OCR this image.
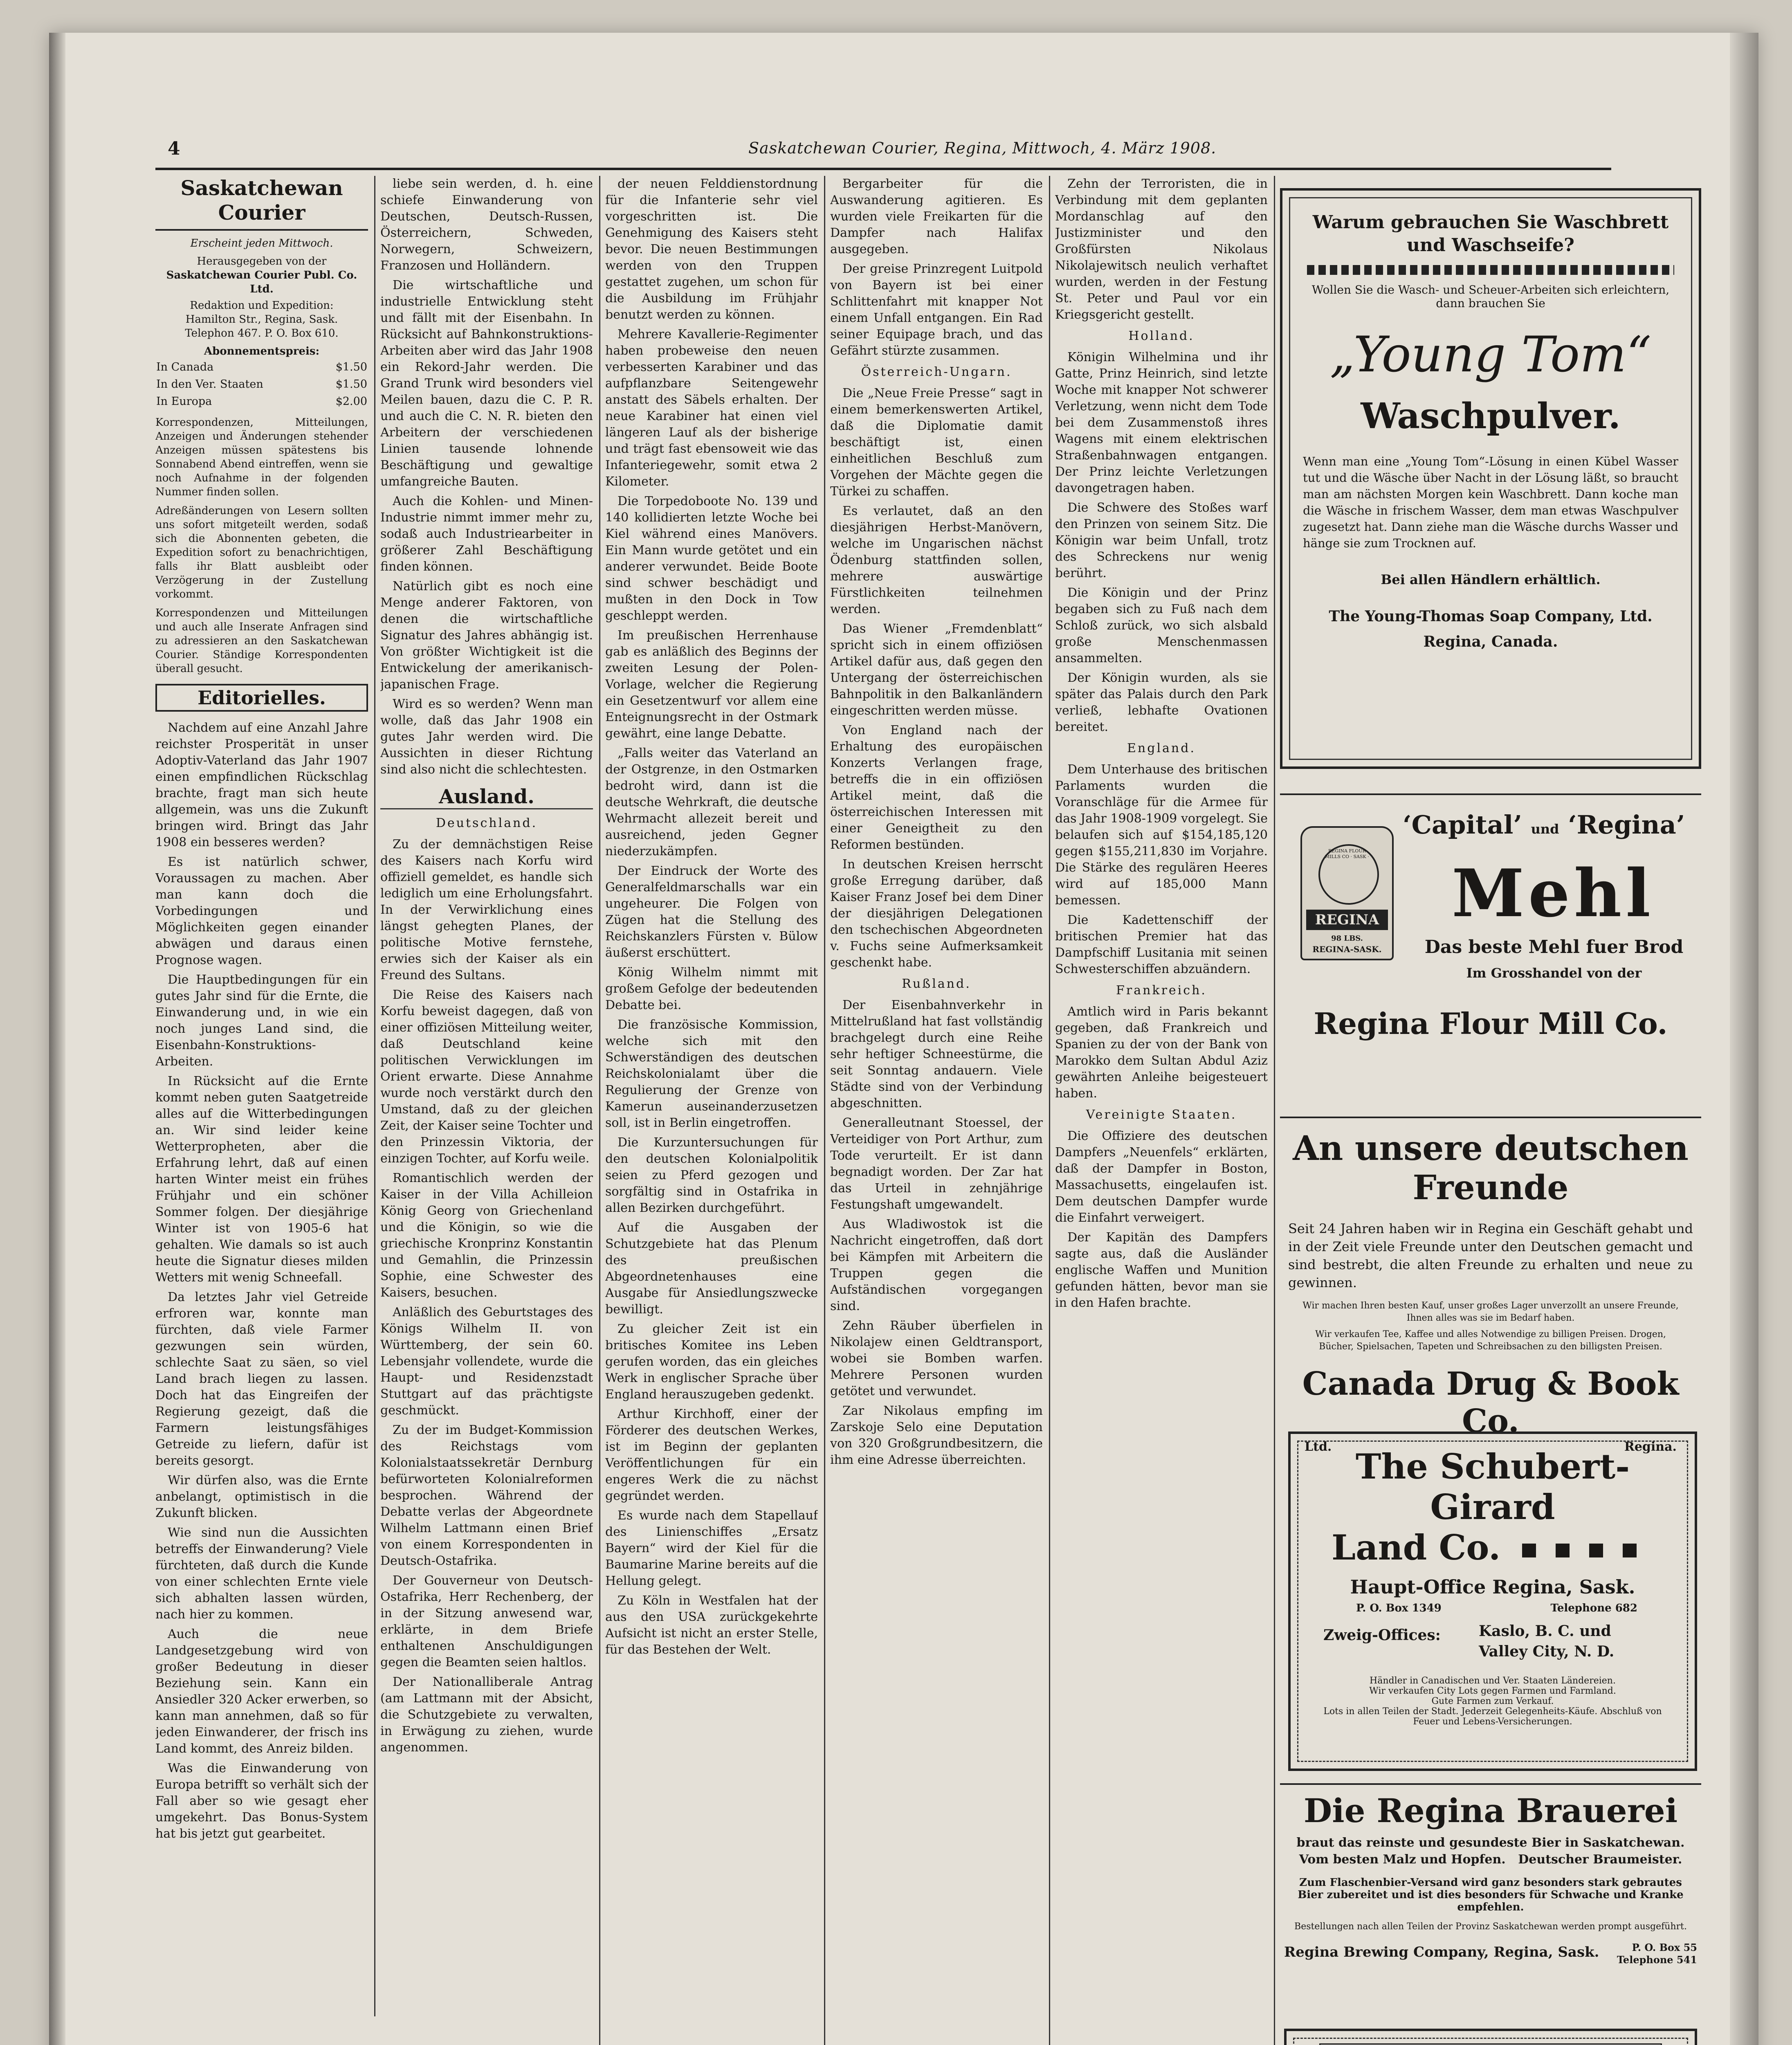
4	Saskatchewan Courier, Regina, Mittwoch, 4. März 1908.
Saskatchewan Courier
Erscheint jeden Mittwoch.
Herausgegeben von der
Saskatchewan Courier Publ. Co. Ltd.
Redaktion und Expedition:
Hamilton Str., Regina, Sask.
Telephon 467. P. O. Box 610.
Abonnementspreis:
In Canada	$1.50
In den Ver. Staaten	$1.50
In Europa	$2.00
Korrespondenzen, Mitteilungen, Anzeigen und Änderungen stehender Anzeigen müssen spätestens bis Sonnabend Abend eintreffen, wenn sie noch Aufnahme in der folgenden Nummer finden sollen.
Adreßänderungen von Lesern sollten uns sofort mitgeteilt werden, sodaß sich die Abonnenten gebeten, die Expedition sofort zu benachrichtigen, falls ihr Blatt ausbleibt oder Verzögerung in der Zustellung vorkommt.
Korrespondenzen und Mitteilungen und auch alle Inserate Anfragen sind zu adressieren an den Saskatchewan Courier. Ständige Korrespondenten überall gesucht.
Editorielles.

Nachdem auf eine Anzahl Jahre reichster Prosperität in unser Adoptiv-Vaterland das Jahr 1907 einen empfindlichen Rückschlag brachte, fragt man sich heute allgemein, was uns die Zukunft bringen wird. Bringt das Jahr 1908 ein besseres werden?

Es ist natürlich schwer, Voraussagen zu machen. Aber man kann doch die Vorbedingungen und Möglichkeiten gegen einander abwägen und daraus einen Prognose wagen.

Die Hauptbedingungen für ein gutes Jahr sind für die Ernte, die Einwanderung und, in wie ein noch junges Land sind, die Eisenbahn-Konstruktions-Arbeiten.

In Rücksicht auf die Ernte kommt neben guten Saatgetreide alles auf die Witterbedingungen an. Wir sind leider keine Wetterpropheten, aber die Erfahrung lehrt, daß auf einen harten Winter meist ein frühes Frühjahr und ein schöner Sommer folgen. Der diesjährige Winter ist von 1905-6 hat gehalten. Wie damals so ist auch heute die Signatur dieses milden Wetters mit wenig Schneefall.

Da letztes Jahr viel Getreide erfroren war, konnte man fürchten, daß viele Farmer gezwungen sein würden, schlechte Saat zu säen, so viel Land brach liegen zu lassen. Doch hat das Eingreifen der Regierung gezeigt, daß die Farmern leistungsfähiges Getreide zu liefern, dafür ist bereits gesorgt.

Wir dürfen also, was die Ernte anbelangt, optimistisch in die Zukunft blicken.

Wie sind nun die Aussichten betreffs der Einwanderung? Viele fürchteten, daß durch die Kunde von einer schlechten Ernte viele sich abhalten lassen würden, nach hier zu kommen.

Auch die neue Landgesetzgebung wird von großer Bedeutung in dieser Beziehung sein. Kann ein Ansiedler 320 Acker erwerben, so kann man annehmen, daß so für jeden Einwanderer, der frisch ins Land kommt, des Anreiz bilden.

Was die Einwanderung von Europa betrifft so verhält sich der Fall aber so wie gesagt eher umgekehrt. Das Bonus-System hat bis jetzt gut gearbeitet.

liebe sein werden, d. h. eine schiefe Einwanderung von Deutschen, Deutsch-Russen, Österreichern, Schweden, Norwegern, Schweizern, Franzosen und Holländern.

Die wirtschaftliche und industrielle Entwicklung steht und fällt mit der Eisenbahn. In Rücksicht auf Bahnkonstruktions-Arbeiten aber wird das Jahr 1908 ein Rekord-Jahr werden. Die Grand Trunk wird besonders viel Meilen bauen, dazu die C. P. R. und auch die C. N. R. bieten den Arbeitern der verschiedenen Linien tausende lohnende Beschäftigung und gewaltige umfangreiche Bauten.

Auch die Kohlen- und Minen-Industrie nimmt immer mehr zu, sodaß auch Industriearbeiter in größerer Zahl Beschäftigung finden können.

Natürlich gibt es noch eine Menge anderer Faktoren, von denen die wirtschaftliche Signatur des Jahres abhängig ist. Von größter Wichtigkeit ist die Entwickelung der amerikanisch-japanischen Frage.

Wird es so werden? Wenn man wolle, daß das Jahr 1908 ein gutes Jahr werden wird. Die Aussichten in dieser Richtung sind also nicht die schlechtesten.

Ausland.
Deutschland.

Zu der demnächstigen Reise des Kaisers nach Korfu wird offiziell gemeldet, es handle sich lediglich um eine Erholungsfahrt. In der Verwirklichung eines längst gehegten Planes, der politische Motive fernstehe, erwies sich der Kaiser als ein Freund des Sultans.

Die Reise des Kaisers nach Korfu beweist dagegen, daß von einer offiziösen Mitteilung weiter, daß Deutschland keine politischen Verwicklungen im Orient erwarte. Diese Annahme wurde noch verstärkt durch den Umstand, daß zu der gleichen Zeit, der Kaiser seine Tochter und den Prinzessin Viktoria, der einzigen Tochter, auf Korfu weile.

Romantischlich werden der Kaiser in der Villa Achilleion König Georg von Griechenland und die Königin, so wie die griechische Kronprinz Konstantin und Gemahlin, die Prinzessin Sophie, eine Schwester des Kaisers, besuchen.

Anläßlich des Geburtstages des Königs Wilhelm II. von Württemberg, der sein 60. Lebensjahr vollendete, wurde die Haupt- und Residenzstadt Stuttgart auf das prächtigste geschmückt.

Zu der im Budget-Kommission des Reichstags vom Kolonialstaatssekretär Dernburg befürworteten Kolonialreformen besprochen. Während der Debatte verlas der Abgeordnete Wilhelm Lattmann einen Brief von einem Korrespondenten in Deutsch-Ostafrika.

Der Gouverneur von Deutsch-Ostafrika, Herr Rechenberg, der in der Sitzung anwesend war, erklärte, in dem Briefe enthaltenen Anschuldigungen gegen die Beamten seien haltlos.

Der Nationalliberale Antrag (am Lattmann mit der Absicht, die Schutzgebiete zu verwalten, in Erwägung zu ziehen, wurde angenommen.

der neuen Felddienstordnung für die Infanterie sehr viel vorgeschritten ist. Die Genehmigung des Kaisers steht bevor. Die neuen Bestimmungen werden von den Truppen gestattet zugehen, um schon für die Ausbildung im Frühjahr benutzt werden zu können.

Mehrere Kavallerie-Regimenter haben probeweise den neuen verbesserten Karabiner und das aufpflanzbare Seitengewehr anstatt des Säbels erhalten. Der neue Karabiner hat einen viel längeren Lauf als der bisherige und trägt fast ebensoweit wie das Infanteriegewehr, somit etwa 2 Kilometer.

Die Torpedoboote No. 139 und 140 kollidierten letzte Woche bei Kiel während eines Manövers. Ein Mann wurde getötet und ein anderer verwundet. Beide Boote sind schwer beschädigt und mußten in den Dock in Tow geschleppt werden.

Im preußischen Herrenhause gab es anläßlich des Beginns der zweiten Lesung der Polen-Vorlage, welcher die Regierung ein Gesetzentwurf vor allem eine Enteignungsrecht in der Ostmark gewährt, eine lange Debatte.

„Falls weiter das Vaterland an der Ostgrenze, in den Ostmarken bedroht wird, dann ist die deutsche Wehrkraft, die deutsche Wehrmacht allezeit bereit und ausreichend, jeden Gegner niederzukämpfen.

Der Eindruck der Worte des Generalfeldmarschalls war ein ungeheurer. Die Folgen von Zügen hat die Stellung des Reichskanzlers Fürsten v. Bülow äußerst erschüttert.

König Wilhelm nimmt mit großem Gefolge der bedeutenden Debatte bei.

Die französische Kommission, welche sich mit den Schwerständigen des deutschen Reichskolonialamt über die Regulierung der Grenze von Kamerun auseinanderzusetzen soll, ist in Berlin eingetroffen.

Die Kurzuntersuchungen für den deutschen Kolonialpolitik seien zu Pferd gezogen und sorgfältig sind in Ostafrika in allen Bezirken durchgeführt.

Auf die Ausgaben der Schutzgebiete hat das Plenum des preußischen Abgeordnetenhauses eine Ausgabe für Ansiedlungszwecke bewilligt.

Zu gleicher Zeit ist ein britisches Komitee ins Leben gerufen worden, das ein gleiches Werk in englischer Sprache über England herauszugeben gedenkt.

Arthur Kirchhoff, einer der Förderer des deutschen Werkes, ist im Beginn der geplanten Veröffentlichungen für ein engeres Werk die zu nächst gegründet werden.

Es wurde nach dem Stapellauf des Linienschiffes „Ersatz Bayern“ wird der Kiel für die Baumarine Marine bereits auf die Hellung gelegt.

Zu Köln in Westfalen hat der aus den USA zurückgekehrte Aufsicht ist nicht an erster Stelle, für das Bestehen der Welt.

Bergarbeiter für die Auswanderung agitieren. Es wurden viele Freikarten für die Dampfer nach Halifax ausgegeben.

Der greise Prinzregent Luitpold von Bayern ist bei einer Schlittenfahrt mit knapper Not einem Unfall entgangen. Ein Rad seiner Equipage brach, und das Gefährt stürzte zusammen.

Österreich-Ungarn.

Die „Neue Freie Presse“ sagt in einem bemerkenswerten Artikel, daß die Diplomatie damit beschäftigt ist, einen einheitlichen Beschluß zum Vorgehen der Mächte gegen die Türkei zu schaffen.

Es verlautet, daß an den diesjährigen Herbst-Manövern, welche im Ungarischen nächst Ödenburg stattfinden sollen, mehrere auswärtige Fürstlichkeiten teilnehmen werden.

Das Wiener „Fremdenblatt“ spricht sich in einem offiziösen Artikel dafür aus, daß gegen den Untergang der österreichischen Bahnpolitik in den Balkanländern eingeschritten werden müsse.

Von England nach der Erhaltung des europäischen Konzerts Verlangen frage, betreffs die in ein offiziösen Artikel meint, daß die österreichischen Interessen mit einer Geneigtheit zu den Reformen bestünden.

In deutschen Kreisen herrscht große Erregung darüber, daß Kaiser Franz Josef bei dem Diner der diesjährigen Delegationen den tschechischen Abgeordneten v. Fuchs seine Aufmerksamkeit geschenkt habe.

Rußland.

Der Eisenbahnverkehr in Mittelrußland hat fast vollständig brachgelegt durch eine Reihe sehr heftiger Schneestürme, die seit Sonntag andauern. Viele Städte sind von der Verbindung abgeschnitten.

Generalleutnant Stoessel, der Verteidiger von Port Arthur, zum Tode verurteilt. Er ist dann begnadigt worden. Der Zar hat das Urteil in zehnjährige Festungshaft umgewandelt.

Aus Wladiwostok ist die Nachricht eingetroffen, daß dort bei Kämpfen mit Arbeitern die Truppen gegen die Aufständischen vorgegangen sind.

Zehn Räuber überfielen in Nikolajew einen Geldtransport, wobei sie Bomben warfen. Mehrere Personen wurden getötet und verwundet.

Zar Nikolaus empfing im Zarskoje Selo eine Deputation von 320 Großgrundbesitzern, die ihm eine Adresse überreichten.

Zehn der Terroristen, die in Verbindung mit dem geplanten Mordanschlag auf den Justizminister und den Großfürsten Nikolaus Nikolajewitsch neulich verhaftet wurden, werden in der Festung St. Peter und Paul vor ein Kriegsgericht gestellt.

Holland.

Königin Wilhelmina und ihr Gatte, Prinz Heinrich, sind letzte Woche mit knapper Not schwerer Verletzung, wenn nicht dem Tode bei dem Zusammenstoß ihres Wagens mit einem elektrischen Straßenbahnwagen entgangen. Der Prinz leichte Verletzungen davongetragen haben.

Die Schwere des Stoßes warf den Prinzen von seinem Sitz. Die Königin war beim Unfall, trotz des Schreckens nur wenig berührt.

Die Königin und der Prinz begaben sich zu Fuß nach dem Schloß zurück, wo sich alsbald große Menschenmassen ansammelten.

Der Königin wurden, als sie später das Palais durch den Park verließ, lebhafte Ovationen bereitet.

England.

Dem Unterhause des britischen Parlaments wurden die Voranschläge für die Armee für das Jahr 1908-1909 vorgelegt. Sie belaufen sich auf $154,185,120 gegen $155,211,830 im Vorjahre. Die Stärke des regulären Heeres wird auf 185,000 Mann bemessen.

Die Kadettenschiff der britischen Premier hat das Dampfschiff Lusitania mit seinen Schwesterschiffen abzuändern.

Frankreich.

Amtlich wird in Paris bekannt gegeben, daß Frankreich und Spanien zu der von der Bank von Marokko dem Sultan Abdul Aziz gewährten Anleihe beigesteuert haben.

Vereinigte Staaten.

Die Offiziere des deutschen Dampfers „Neuenfels“ erklärten, daß der Dampfer in Boston, Massachusetts, eingelaufen ist. Dem deutschen Dampfer wurde die Einfahrt verweigert.

Der Kapitän des Dampfers sagte aus, daß die Ausländer englische Waffen und Munition gefunden hätten, bevor man sie in den Hafen brachte.

Warum gebrauchen Sie Waschbrett und Waschseife?
Wollen Sie die Wasch- und Scheuer-Arbeiten sich erleichtern, dann brauchen Sie
„Young Tom“
Waschpulver.
Wenn man eine „Young Tom“-Lösung in einen Kübel Wasser tut und die Wäsche über Nacht in der Lösung läßt, so braucht man am nächsten Morgen kein Waschbrett. Dann koche man die Wäsche in frischem Wasser, dem man etwas Waschpulver zugesetzt hat. Dann ziehe man die Wäsche durchs Wasser und hänge sie zum Trocknen auf.
Bei allen Händlern erhältlich.
The Young-Thomas Soap Company, Ltd.
Regina, Canada.
‘Capital’ und ‘Regina’
REGINA FLOUR MILLS CO · SASK ·
REGINA
98 LBS.
REGINA-SASK.
Mehl
Das beste Mehl fuer Brod
Im Grosshandel von der
Regina Flour Mill Co.
An unsere deutschen Freunde
Seit 24 Jahren haben wir in Regina ein Geschäft gehabt und in der Zeit viele Freunde unter den Deutschen gemacht und sind bestrebt, die alten Freunde zu erhalten und neue zu gewinnen.
Wir machen Ihren besten Kauf, unser großes Lager unverzollt an unsere Freunde, Ihnen alles was sie im Bedarf haben.
Wir verkaufen Tee, Kaffee und alles Notwendige zu billigen Preisen. Drogen, Bücher, Spielsachen, Tapeten und Schreibsachen zu den billigsten Preisen.
Canada Drug & Book Co.
Ltd.	Regina.
The Schubert-Girard
Land Co.
Haupt-Office Regina, Sask.
P. O. Box 1349	Telephone 682
Zweig-Offices:	Kaslo, B. C. und
Valley City, N. D.
Händler in Canadischen und Ver. Staaten Ländereien.
Wir verkaufen City Lots gegen Farmen und Farmland.
Gute Farmen zum Verkauf.
Lots in allen Teilen der Stadt. Jederzeit Gelegenheits-Käufe. Abschluß von Feuer und Lebens-Versicherungen.
Die Regina Brauerei
braut das reinste und gesundeste Bier in Saskatchewan.
Vom besten Malz und Hopfen. Deutscher Braumeister.
Zum Flaschenbier-Versand wird ganz besonders stark gebrautes Bier zubereitet und ist dies besonders für Schwache und Kranke empfehlen.
Bestellungen nach allen Teilen der Provinz Saskatchewan werden prompt ausgeführt.
Regina Brewing Company, Regina, Sask.	P. O. Box 55
Telephone 541
